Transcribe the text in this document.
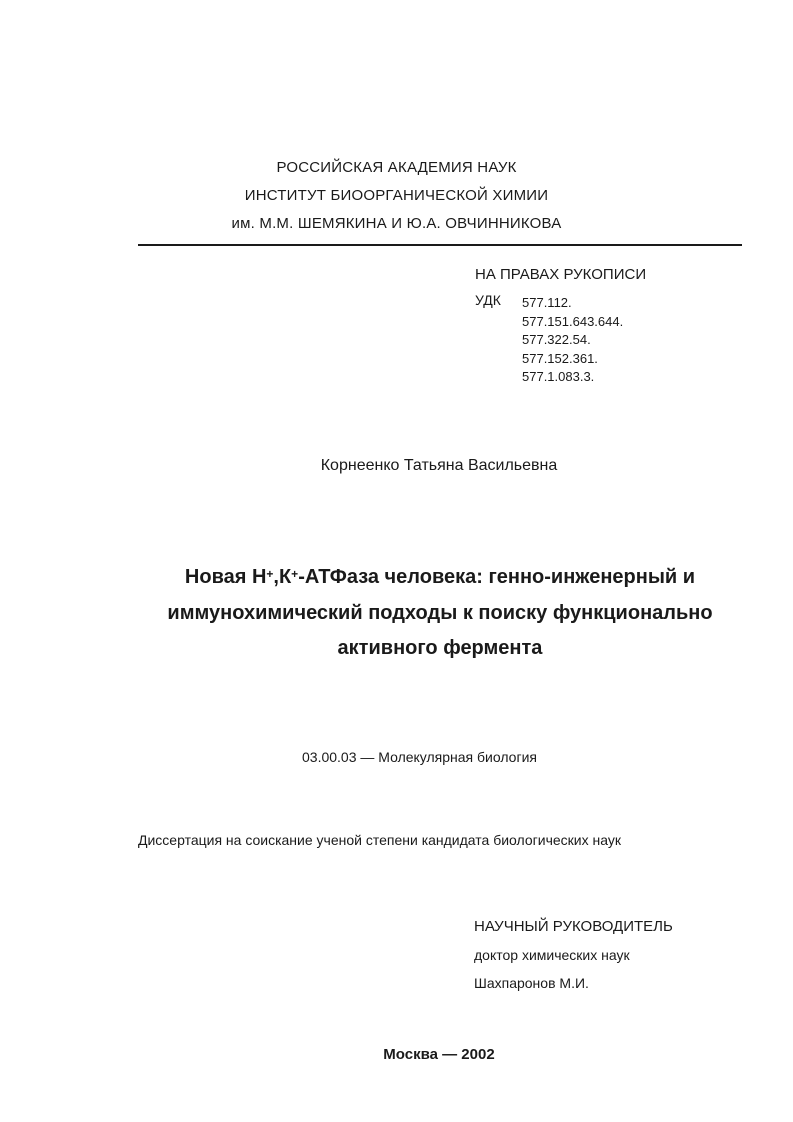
РОССИЙСКАЯ АКАДЕМИЯ НАУК
ИНСТИТУТ БИООРГАНИЧЕСКОЙ ХИМИИ
им. М.М. ШЕМЯКИНА И Ю.А. ОВЧИННИКОВА
НА ПРАВАХ РУКОПИСИ
УДК 577.112.
577.151.643.644.
577.322.54.
577.152.361.
577.1.083.3.
Корнеенко Татьяна Васильевна
Новая Н+,К+-АТФаза человека: генно-инженерный и иммунохимический подходы к поиску функционально активного фермента
03.00.03 — Молекулярная биология
Диссертация на соискание ученой степени кандидата биологических наук
НАУЧНЫЙ РУКОВОДИТЕЛЬ
доктор химических наук
Шахпаронов М.И.
Москва — 2002
